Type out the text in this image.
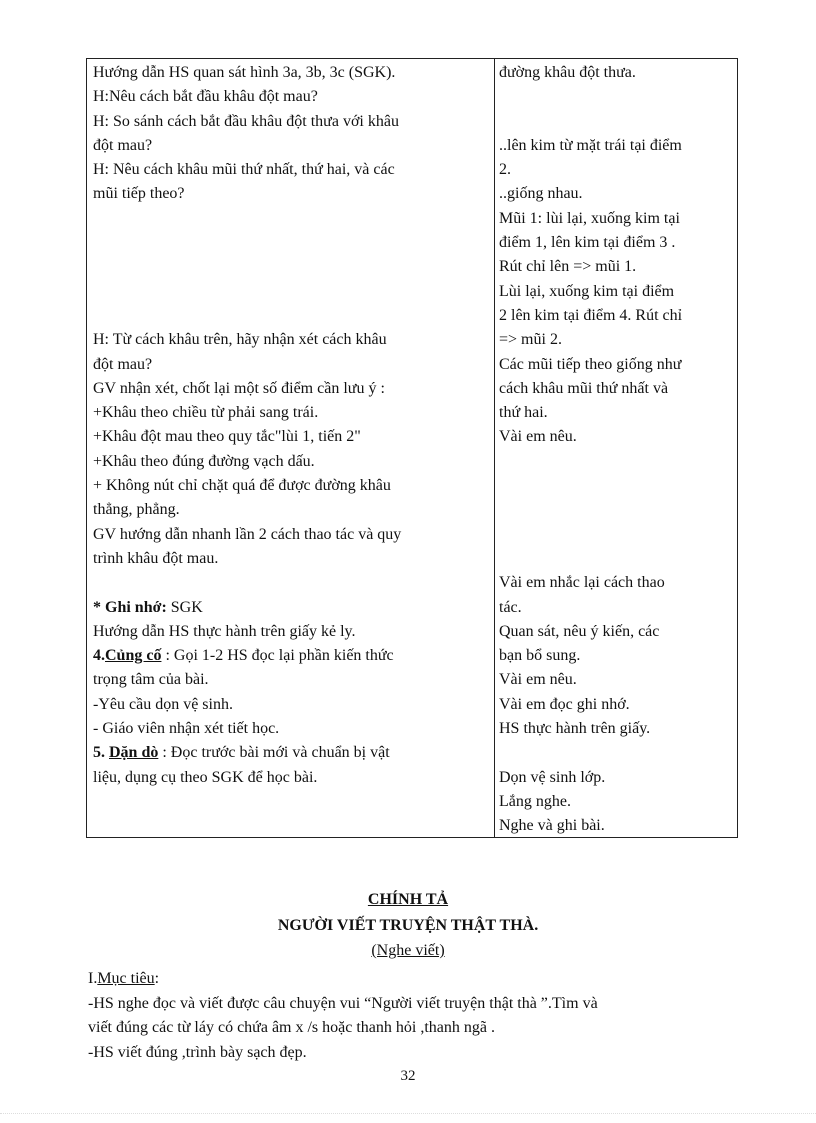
Hướng dẫn HS quan sát hình 3a, 3b, 3c (SGK).
H:Nêu cách bắt đầu khâu đột mau?
H: So sánh cách bắt đầu khâu đột thưa với khâu
đột mau?
H: Nêu cách khâu mũi thứ nhất, thứ hai, và các
mũi tiếp theo?
H: Từ cách khâu trên, hãy nhận xét cách khâu
đột mau?
GV nhận xét, chốt lại một số điểm cần lưu ý :
+Khâu theo chiều từ phải sang trái.
+Khâu đột mau theo quy tắc"lùi 1, tiến 2"
+Khâu theo đúng đường vạch dấu.
+ Không nút chỉ chặt quá để được đường khâu
thẳng, phẳng.
GV hướng dẫn nhanh lần 2 cách thao tác và quy
trình khâu đột mau.
* Ghi nhớ: SGK
Hướng dẫn HS thực hành trên giấy kẻ ly.
4.Củng cố : Gọi 1-2 HS đọc lại phần kiến thức
trọng tâm của bài.
-Yêu cầu dọn vệ sinh.
- Giáo viên nhận xét tiết học.
5. Dặn dò : Đọc trước bài mới và chuẩn bị vật
liệu, dụng cụ theo SGK để học bài.
đường khâu đột thưa.
..lên kim từ mặt trái tại điểm
2.
..giống nhau.
Mũi 1: lùi lại, xuống kim tại
điểm 1, lên kim tại điểm 3 .
Rút chỉ lên => mũi 1.
Lùi lại, xuống kim tại điểm
2 lên kim tại điểm 4. Rút chỉ
=> mũi 2.
Các mũi tiếp theo giống như
cách khâu mũi thứ nhất và
thứ hai.
Vài em nêu.
Vài em nhắc lại cách thao
tác.
Quan sát, nêu ý kiến, các
bạn bổ sung.
Vài em nêu.
Vài em đọc ghi nhớ.
HS thực hành trên giấy.
Dọn vệ sinh lớp.
Lắng nghe.
Nghe và ghi bài.
CHÍNH TẢ
NGƯỜI VIẾT TRUYỆN THẬT THÀ.
(Nghe viết)
I.Mục tiêu:
-HS nghe đọc và viết được câu chuyện vui “Người viết truyện thật thà ”.Tìm và
viết đúng các từ láy có chứa âm x /s hoặc thanh hỏi ,thanh ngã .
-HS viết đúng ,trình bày sạch đẹp.
32
